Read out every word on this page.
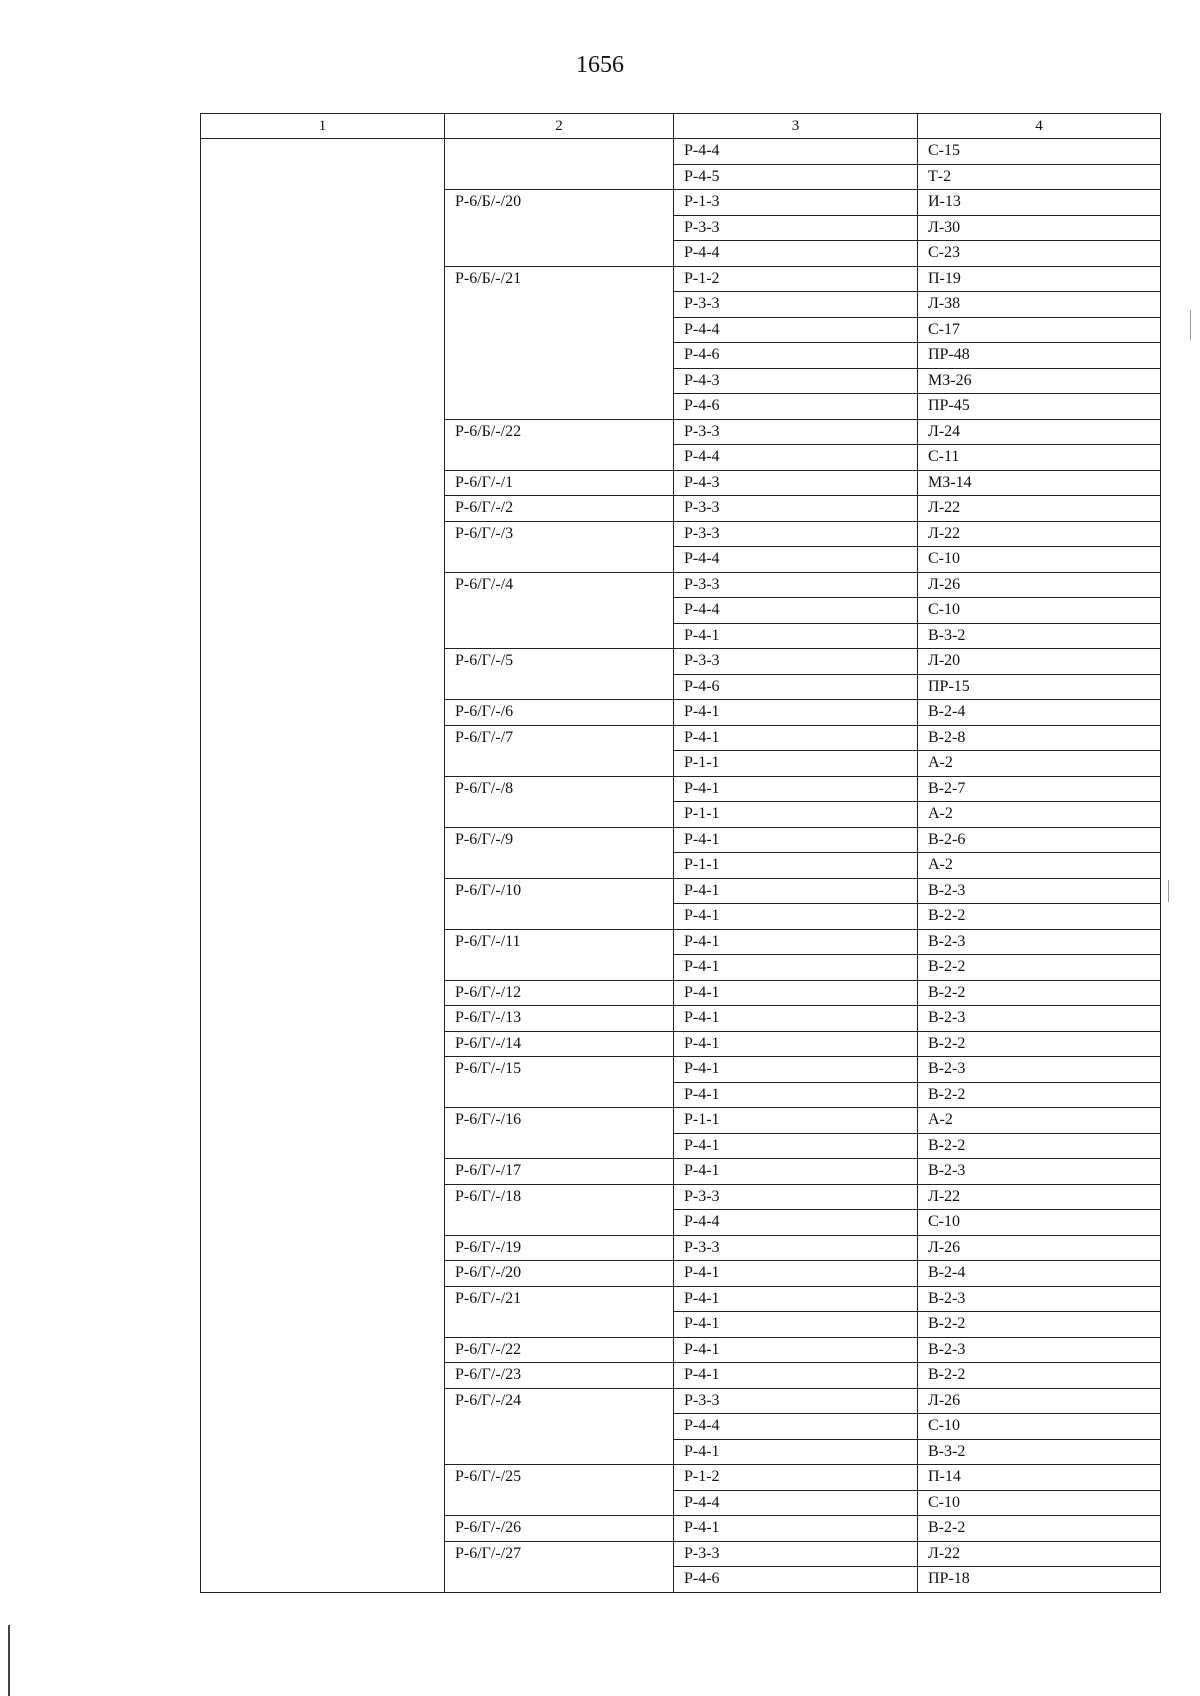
1656
1	2	3	4
		Р-4-4	С-15
		Р-4-5	Т-2
	Р-6/Б/-/20	Р-1-3	И-13
		Р-3-3	Л-30
		Р-4-4	С-23
	Р-6/Б/-/21	Р-1-2	П-19
		Р-3-3	Л-38
		Р-4-4	С-17
		Р-4-6	ПР-48
		Р-4-3	МЗ-26
		Р-4-6	ПР-45
	Р-6/Б/-/22	Р-3-3	Л-24
		Р-4-4	С-11
	Р-6/Г/-/1	Р-4-3	МЗ-14
	Р-6/Г/-/2	Р-3-3	Л-22
	Р-6/Г/-/3	Р-3-3	Л-22
		Р-4-4	С-10
	Р-6/Г/-/4	Р-3-3	Л-26
		Р-4-4	С-10
		Р-4-1	В-3-2
	Р-6/Г/-/5	Р-3-3	Л-20
		Р-4-6	ПР-15
	Р-6/Г/-/6	Р-4-1	В-2-4
	Р-6/Г/-/7	Р-4-1	В-2-8
		Р-1-1	А-2
	Р-6/Г/-/8	Р-4-1	В-2-7
		Р-1-1	А-2
	Р-6/Г/-/9	Р-4-1	В-2-6
		Р-1-1	А-2
	Р-6/Г/-/10	Р-4-1	В-2-3
		Р-4-1	В-2-2
	Р-6/Г/-/11	Р-4-1	В-2-3
		Р-4-1	В-2-2
	Р-6/Г/-/12	Р-4-1	В-2-2
	Р-6/Г/-/13	Р-4-1	В-2-3
	Р-6/Г/-/14	Р-4-1	В-2-2
	Р-6/Г/-/15	Р-4-1	В-2-3
		Р-4-1	В-2-2
	Р-6/Г/-/16	Р-1-1	А-2
		Р-4-1	В-2-2
	Р-6/Г/-/17	Р-4-1	В-2-3
	Р-6/Г/-/18	Р-3-3	Л-22
		Р-4-4	С-10
	Р-6/Г/-/19	Р-3-3	Л-26
	Р-6/Г/-/20	Р-4-1	В-2-4
	Р-6/Г/-/21	Р-4-1	В-2-3
		Р-4-1	В-2-2
	Р-6/Г/-/22	Р-4-1	В-2-3
	Р-6/Г/-/23	Р-4-1	В-2-2
	Р-6/Г/-/24	Р-3-3	Л-26
		Р-4-4	С-10
		Р-4-1	В-3-2
	Р-6/Г/-/25	Р-1-2	П-14
		Р-4-4	С-10
	Р-6/Г/-/26	Р-4-1	В-2-2
	Р-6/Г/-/27	Р-3-3	Л-22
		Р-4-6	ПР-18
